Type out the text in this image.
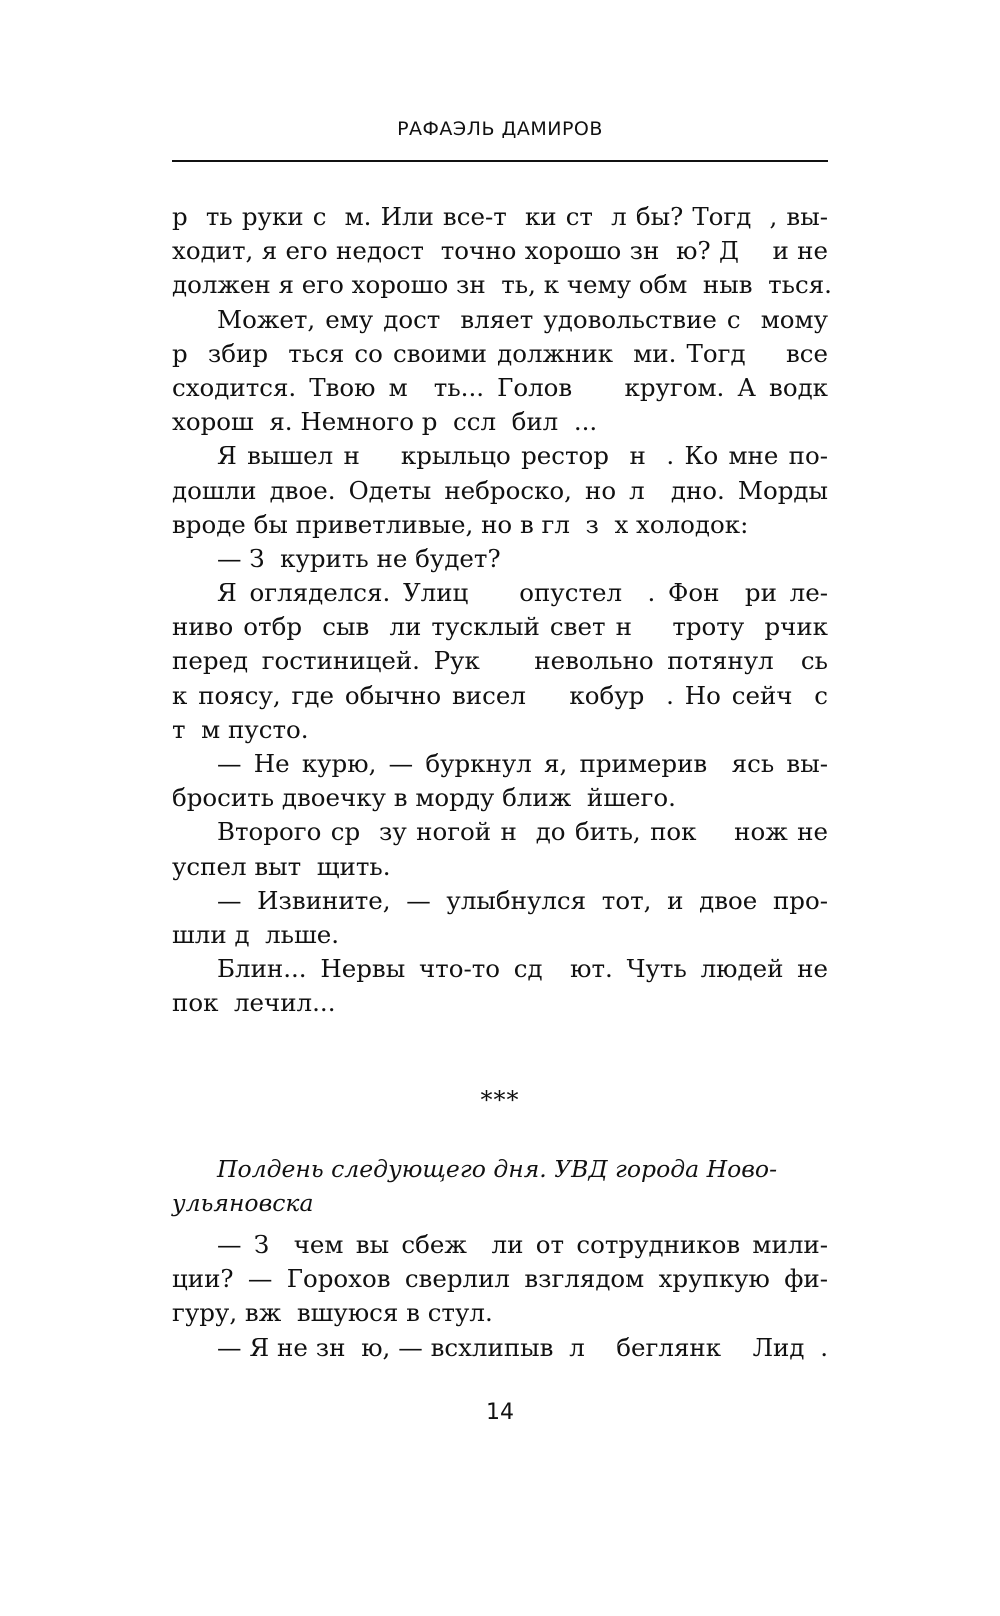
РАФАЭЛЬ ДАМИРОВ
р  ть руки с  м. Или все-т  ки ст  л бы? Тогд  , вы-
ходит, я его недост  точно хорошо зн  ю? Д    и не
должен я его хорошо зн  ть, к чему обм  ныв  ться.
Может, ему дост  вляет удовольствие с  мому
р  збир  ться со своими должник  ми. Тогд    все
сходится. Твою м  ть... Голов    кругом. А водк
хорош  я. Немного р  ссл  бил  ...
Я вышел н    крыльцо рестор  н  . Ко мне по-
дошли двое. Одеты неброско, но л  дно. Морды
вроде бы приветливые, но в гл  з  х холодок:
— З  курить не будет?
Я огляделся. Улиц    опустел  . Фон  ри ле-
ниво отбр  сыв  ли тусклый свет н    троту  рчик
перед гостиницей. Рук    невольно потянул  сь
к поясу, где обычно висел    кобур  . Но сейч  с
т  м пусто.
— Не курю, — буркнул я, примерив  ясь вы-
бросить двоечку в морду ближ  йшего.
Второго ср  зу ногой н  до бить, пок    нож не
успел выт  щить.
— Извините, — улыбнулся тот, и двое про-
шли д  льше.
Блин... Нервы что-то сд  ют. Чуть людей не
пок  лечил...
***
Полдень следующего дня. УВД города Ново-
ульяновска
— З  чем вы сбеж  ли от сотрудников мили-
ции? — Горохов сверлил взглядом хрупкую фи-
гуру, вж  вшуюся в стул.
— Я не зн  ю, — всхлипыв  л    беглянк    Лид  .
14
